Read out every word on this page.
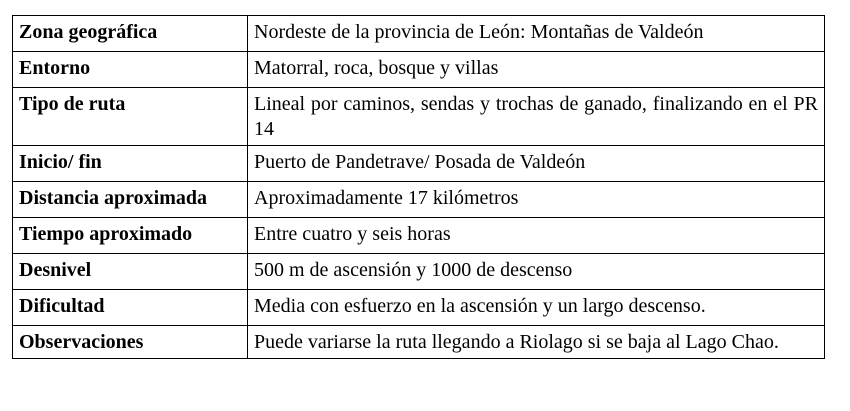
Zona geográfica	Nordeste de la provincia de León: Montañas de Valdeón
Entorno	Matorral, roca, bosque y villas
Tipo de ruta	Lineal por caminos, sendas y trochas de ganado, finalizando en el PR 14
Inicio/ fin	Puerto de Pandetrave/ Posada de Valdeón
Distancia aproximada	Aproximadamente 17 kilómetros
Tiempo aproximado	Entre cuatro y seis horas
Desnivel	500 m de ascensión y 1000 de descenso
Dificultad	Media con esfuerzo en la ascensión y un largo descenso.
Observaciones	Puede variarse la ruta llegando a Riolago si se baja al Lago Chao.
